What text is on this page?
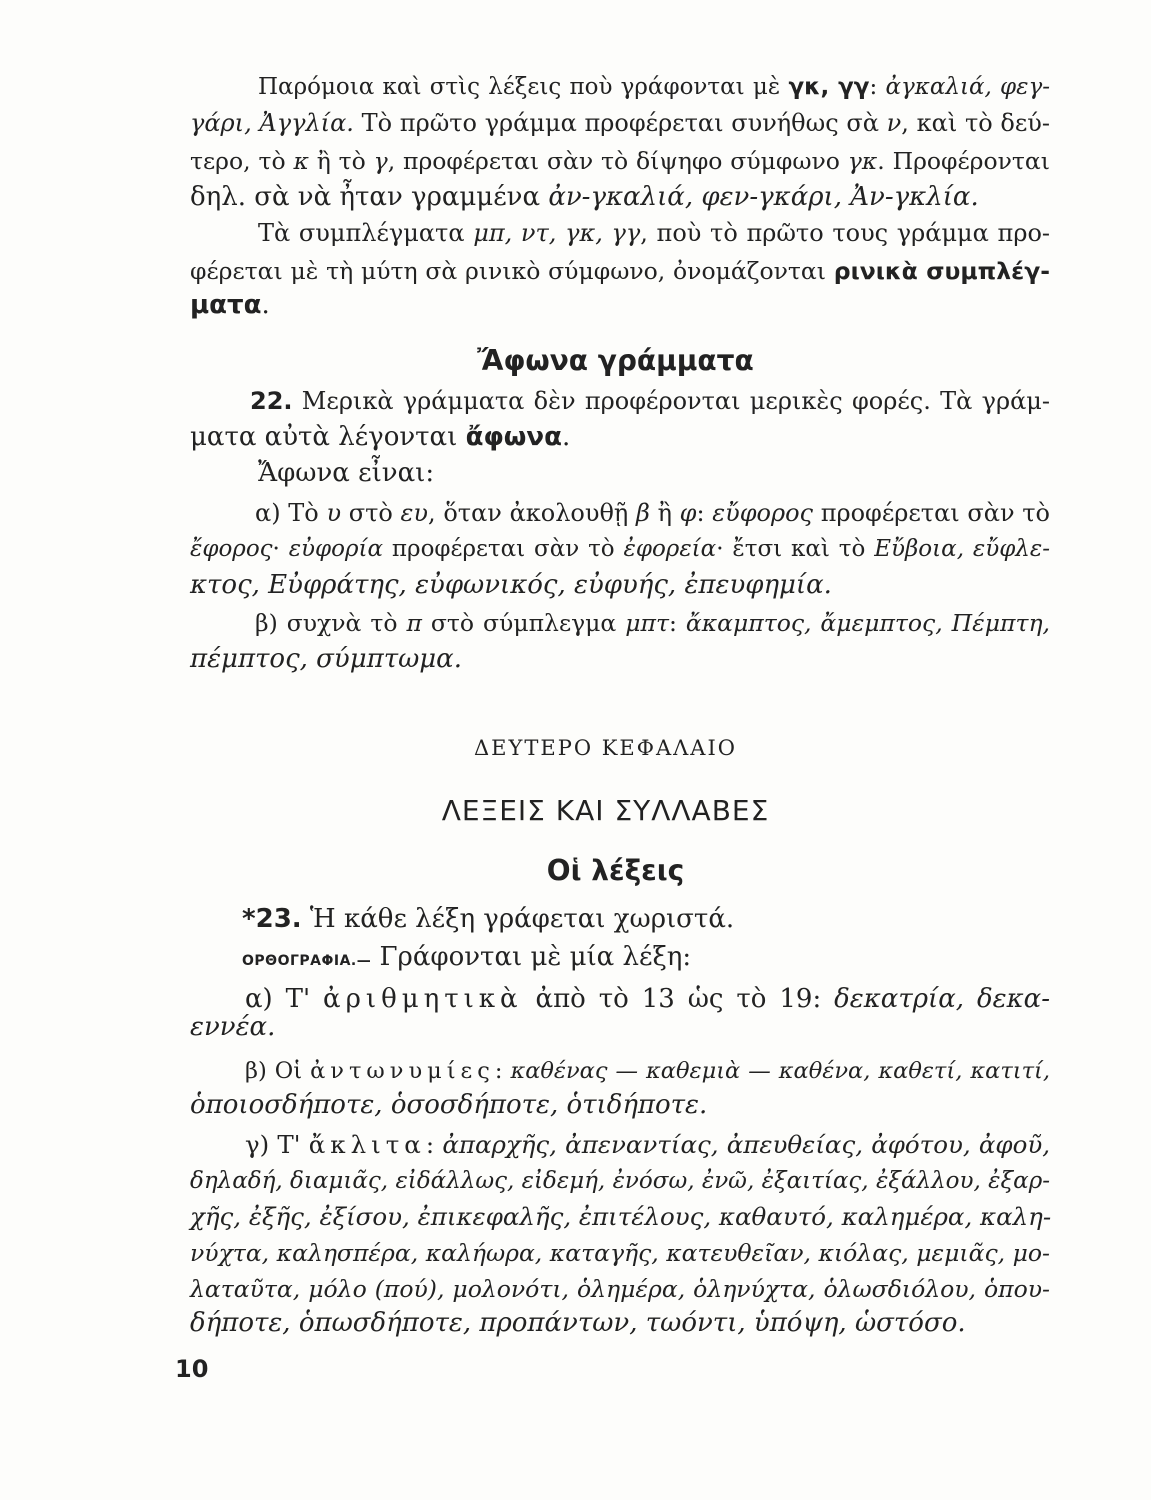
Παρόμοια καὶ στὶς λέξεις ποὺ γράφονται μὲ γκ, γγ: ἀγκαλιά, φεγ-
γάρι, Ἀγγλία. Τὸ πρῶτο γράμμα προφέρεται συνήθως σὰ ν, καὶ τὸ δεύ-
τερο, τὸ κ ἢ τὸ γ, προφέρεται σὰν τὸ δίψηφο σύμφωνο γκ. Προφέρονται
δηλ. σὰ νὰ ἦταν γραμμένα ἀν-γκαλιά, φεν-γκάρι, Ἀν-γκλία.
Τὰ συμπλέγματα μπ, ντ, γκ, γγ, ποὺ τὸ πρῶτο τους γράμμα προ-
φέρεται μὲ τὴ μύτη σὰ ρινικὸ σύμφωνο, ὀνομάζονται ρινικὰ συμπλέγ-
ματα.
Ἄφωνα γράμματα
22. Μερικὰ γράμματα δὲν προφέρονται μερικὲς φορές. Τὰ γράμ-
ματα αὐτὰ λέγονται ἄφωνα.
Ἄφωνα εἶναι:
α) Τὸ υ στὸ ευ, ὅταν ἀκολουθῇ β ἢ φ: εὔφορος προφέρεται σὰν τὸ
ἔφορος· εὐφορία προφέρεται σὰν τὸ ἐφορεία· ἔτσι καὶ τὸ Εὔβοια, εὔφλε-
κτος, Εὐφράτης, εὐφωνικός, εὐφυής, ἐπευφημία.
β) συχνὰ τὸ π στὸ σύμπλεγμα μπτ: ἄκαμπτος, ἄμεμπτος, Πέμπτη,
πέμπτος, σύμπτωμα.
ΔΕΥΤΕΡΟ ΚΕΦΑΛΑΙΟ
ΛΕΞΕΙΣ ΚΑΙ ΣΥΛΛΑΒΕΣ
Οἱ λέξεις
*23. Ἡ κάθε λέξη γράφεται χωριστά.
ΟΡΘΟΓΡΑΦΙΑ.— Γράφονται μὲ μία λέξη:
α) Τ' ἀριθμητικὰ ἀπὸ τὸ 13 ὡς τὸ 19: δεκατρία, δεκα-
εννέα.
β) Οἱ ἀντωνυμίες: καθένας — καθεμιὰ — καθένα, καθετί, κατιτί,
ὁποιοσδήποτε, ὁσοσδήποτε, ὁτιδήποτε.
γ) Τ' ἄκλιτα: ἀπαρχῆς, ἀπεναντίας, ἀπευθείας, ἀφότου, ἀφοῦ,
δηλαδή, διαμιᾶς, εἰδάλλως, εἰδεμή, ἐνόσω, ἐνῶ, ἐξαιτίας, ἐξάλλου, ἐξαρ-
χῆς, ἐξῆς, ἐξίσου, ἐπικεφαλῆς, ἐπιτέλους, καθαυτό, καλημέρα, καλη-
νύχτα, καλησπέρα, καλήωρα, καταγῆς, κατευθεῖαν, κιόλας, μεμιᾶς, μο-
λαταῦτα, μόλο (πού), μολονότι, ὁλημέρα, ὁληνύχτα, ὁλωσδιόλου, ὁπου-
δήποτε, ὁπωσδήποτε, προπάντων, τωόντι, ὑπόψη, ὡστόσο.
10
